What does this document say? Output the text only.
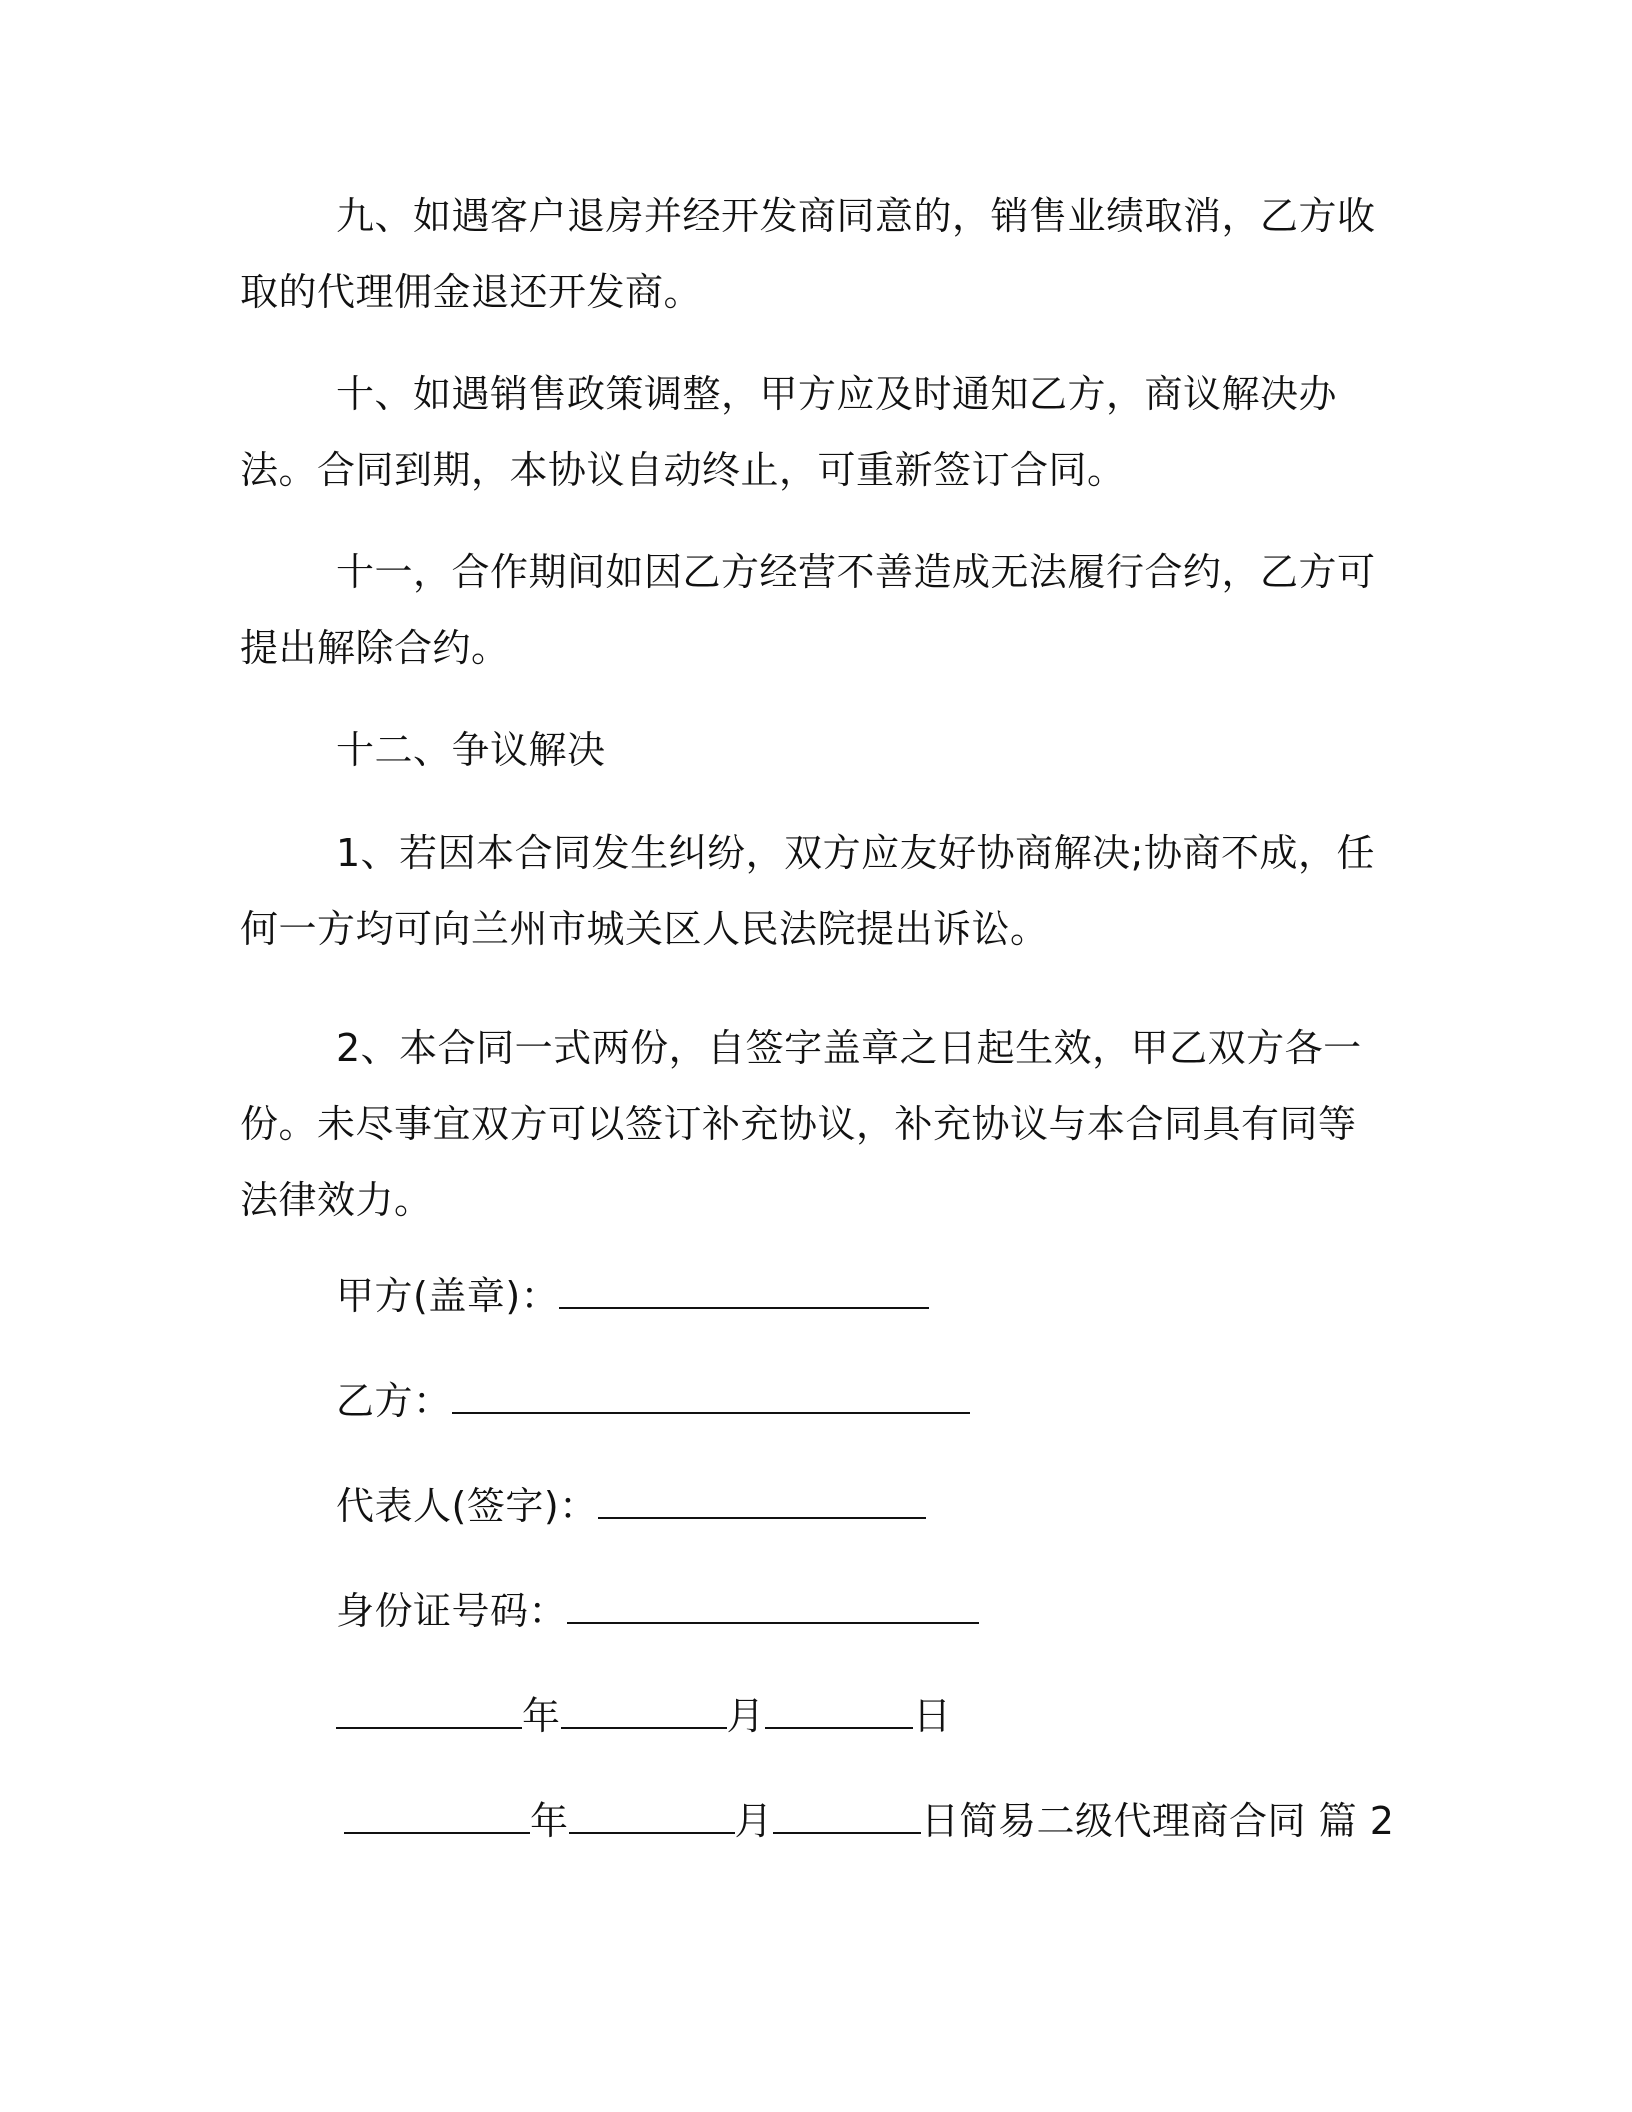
九、如遇客户退房并经开发商同意的，销售业绩取消，乙方收取的代理佣金退还开发商。

十、如遇销售政策调整，甲方应及时通知乙方，商议解决办法。合同到期，本协议自动终止，可重新签订合同。

十一，合作期间如因乙方经营不善造成无法履行合约，乙方可提出解除合约。

十二、争议解决

1、若因本合同发生纠纷，双方应友好协商解决;协商不成，任何一方均可向兰州市城关区人民法院提出诉讼。

2、本合同一式两份，自签字盖章之日起生效，甲乙双方各一份。未尽事宜双方可以签订补充协议，补充协议与本合同具有同等法律效力。

甲方(盖章)：
乙方：
代表人(签字)：
身份证号码：
年	月	日
年	月	日简易二级代理商合同 篇 2
